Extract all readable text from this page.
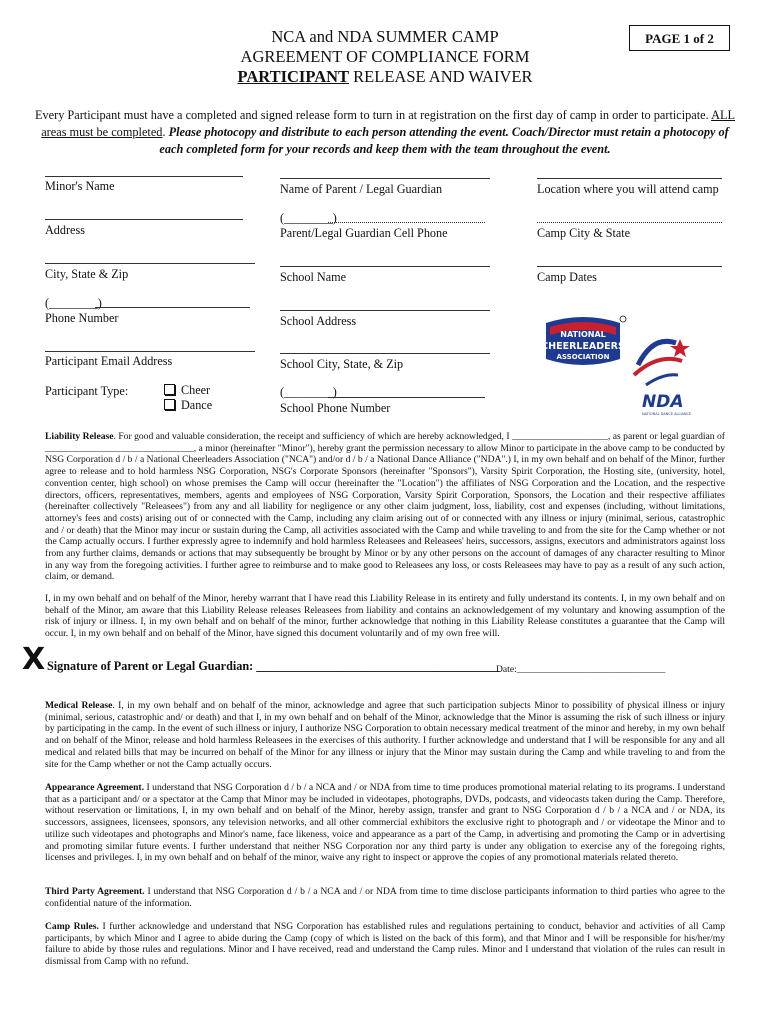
NCA and NDA SUMMER CAMP
AGREEMENT OF COMPLIANCE FORM
PARTICIPANT RELEASE AND WAIVER
PAGE 1 of 2
Every Participant must have a completed and signed release form to turn in at registration on the first day of camp in order to participate. ALL areas must be completed. Please photocopy and distribute to each person attending the event. Coach/Director must retain a photocopy of each completed form for your records and keep them with the team throughout the event.
Minor's Name
Address
City, State & Zip
(________)
Phone Number
Participant Email Address
Participant Type:	Cheer
Dance
Name of Parent / Legal Guardian
(________)
Parent/Legal Guardian Cell Phone
School Name
School Address
School City, State, & Zip
(________)
School Phone Number
Location where you will attend camp
Camp City & State
Camp Dates
NATIONAL
CHEERLEADERS
ASSOCIATION
NDA
NATIONAL DANCE ALLIANCE
Liability Release. For good and valuable consideration, the receipt and sufficiency of which are hereby acknowledged, I ____________________, as parent or legal guardian of _______________________________, a minor (hereinafter "Minor"), hereby grant the permission necessary to allow Minor to participate in the above camp to be conducted by NSG Corporation d / b / a National Cheerleaders Association ("NCA") and/or d / b / a National Dance Alliance ("NDA".) I, in my own behalf and on behalf of the Minor, further agree to release and to hold harmless NSG Corporation, NSG's Corporate Sponsors (hereinafter "Sponsors"), Varsity Spirit Corporation, the Hosting site, (university, hotel, convention center, high school) on whose premises the Camp will occur (hereinafter the "Location") the affiliates of NSG Corporation and the Location, and the respective directors, officers, representatives, members, agents and employees of NSG Corporation, Varsity Spirit Corporation, Sponsors, the Location and their respective affiliates (hereinafter collectively "Releasees") from any and all liability for negligence or any other claim judgment, loss, liability, cost and expenses (including, without limitations, attorney's fees and costs) arising out of or connected with the Camp, including any claim arising out of or connected with any illness or injury (minimal, serious, catastrophic and / or death) that the Minor may incur or sustain during the Camp, all activities associated with the Camp and while traveling to and from the site for the Camp whether or not the Camp actually occurs. I further expressly agree to indemnify and hold harmless Releasees and Releasees' heirs, successors, assigns, executors and administrators against loss from any further claims, demands or actions that may subsequently be brought by Minor or by any other persons on the account of damages of any character resulting to Minor in any way from the foregoing activities. I further agree to reimburse and to make good to Releasees any loss, or costs Releasees may have to pay as a result of any such action, claim, or demand.
I, in my own behalf and on behalf of the Minor, hereby warrant that I have read this Liability Release in its entirety and fully understand its contents. I, in my own behalf and on behalf of the Minor, am aware that this Liability Release releases Releasees from liability and contains an acknowledgement of my voluntary and knowing assumption of the risk of injury or illness. I, in my own behalf and on behalf of the minor, further acknowledge that nothing in this Liability Release constitutes a guarantee that the Camp will occur. I, in my own behalf and on behalf of the Minor, have signed this document voluntarily and of my own free will.
X Signature of Parent or Legal Guardian: ________________________________________
Date:_______________________________
Medical Release. I, in my own behalf and on behalf of the minor, acknowledge and agree that such participation subjects Minor to possibility of physical illness or injury (minimal, serious, catastrophic and/ or death) and that I, in my own behalf and on behalf of the Minor, acknowledge that the Minor is assuming the risk of such illness or injury by participating in the camp. In the event of such illness or injury, I authorize NSG Corporation to obtain necessary medical treatment of the minor and hereby, in my own behalf and on behalf of the Minor, release and hold harmless Releasees in the exercises of this authority. I further acknowledge and understand that I will be responsible for any and all medical and related bills that may be incurred on behalf of the Minor for any illness or injury that the Minor may sustain during the Camp and while traveling to and from the site for the Camp whether or not the Camp actually occurs.
Appearance Agreement. I understand that NSG Corporation d / b / a NCA and / or NDA from time to time produces promotional material relating to its programs. I understand that as a participant and/ or a spectator at the Camp that Minor may be included in videotapes, photographs, DVDs, podcasts, and videocasts taken during the Camp. Therefore, without reservation or limitations, I, in my own behalf and on behalf of the Minor, hereby assign, transfer and grant to NSG Corporation d / b / a NCA and / or NDA, its successors, assignees, licensees, sponsors, any television networks, and all other commercial exhibitors the exclusive right to photograph and / or videotape the Minor and to utilize such videotapes and photographs and Minor's name, face likeness, voice and appearance as a part of the Camp, in advertising and promoting the Camp or in advertising and promoting similar future events. I further understand that neither NSG Corporation nor any third party is under any obligation to exercise any of the foregoing rights, licenses and privileges. I, in my own behalf and on behalf of the minor, waive any right to inspect or approve the copies of any promotional materials related thereto.
Third Party Agreement. I understand that NSG Corporation d / b / a NCA and / or NDA from time to time disclose participants information to third parties who agree to the confidential nature of the information.
Camp Rules. I further acknowledge and understand that NSG Corporation has established rules and regulations pertaining to conduct, behavior and activities of all Camp participants, by which Minor and I agree to abide during the Camp (copy of which is listed on the back of this form), and that Minor and I will be responsible for his/her/my failure to abide by those rules and regulations. Minor and I have received, read and understand the Camp rules. Minor and I understand that violation of the rules can result in dismissal from Camp with no refund.
